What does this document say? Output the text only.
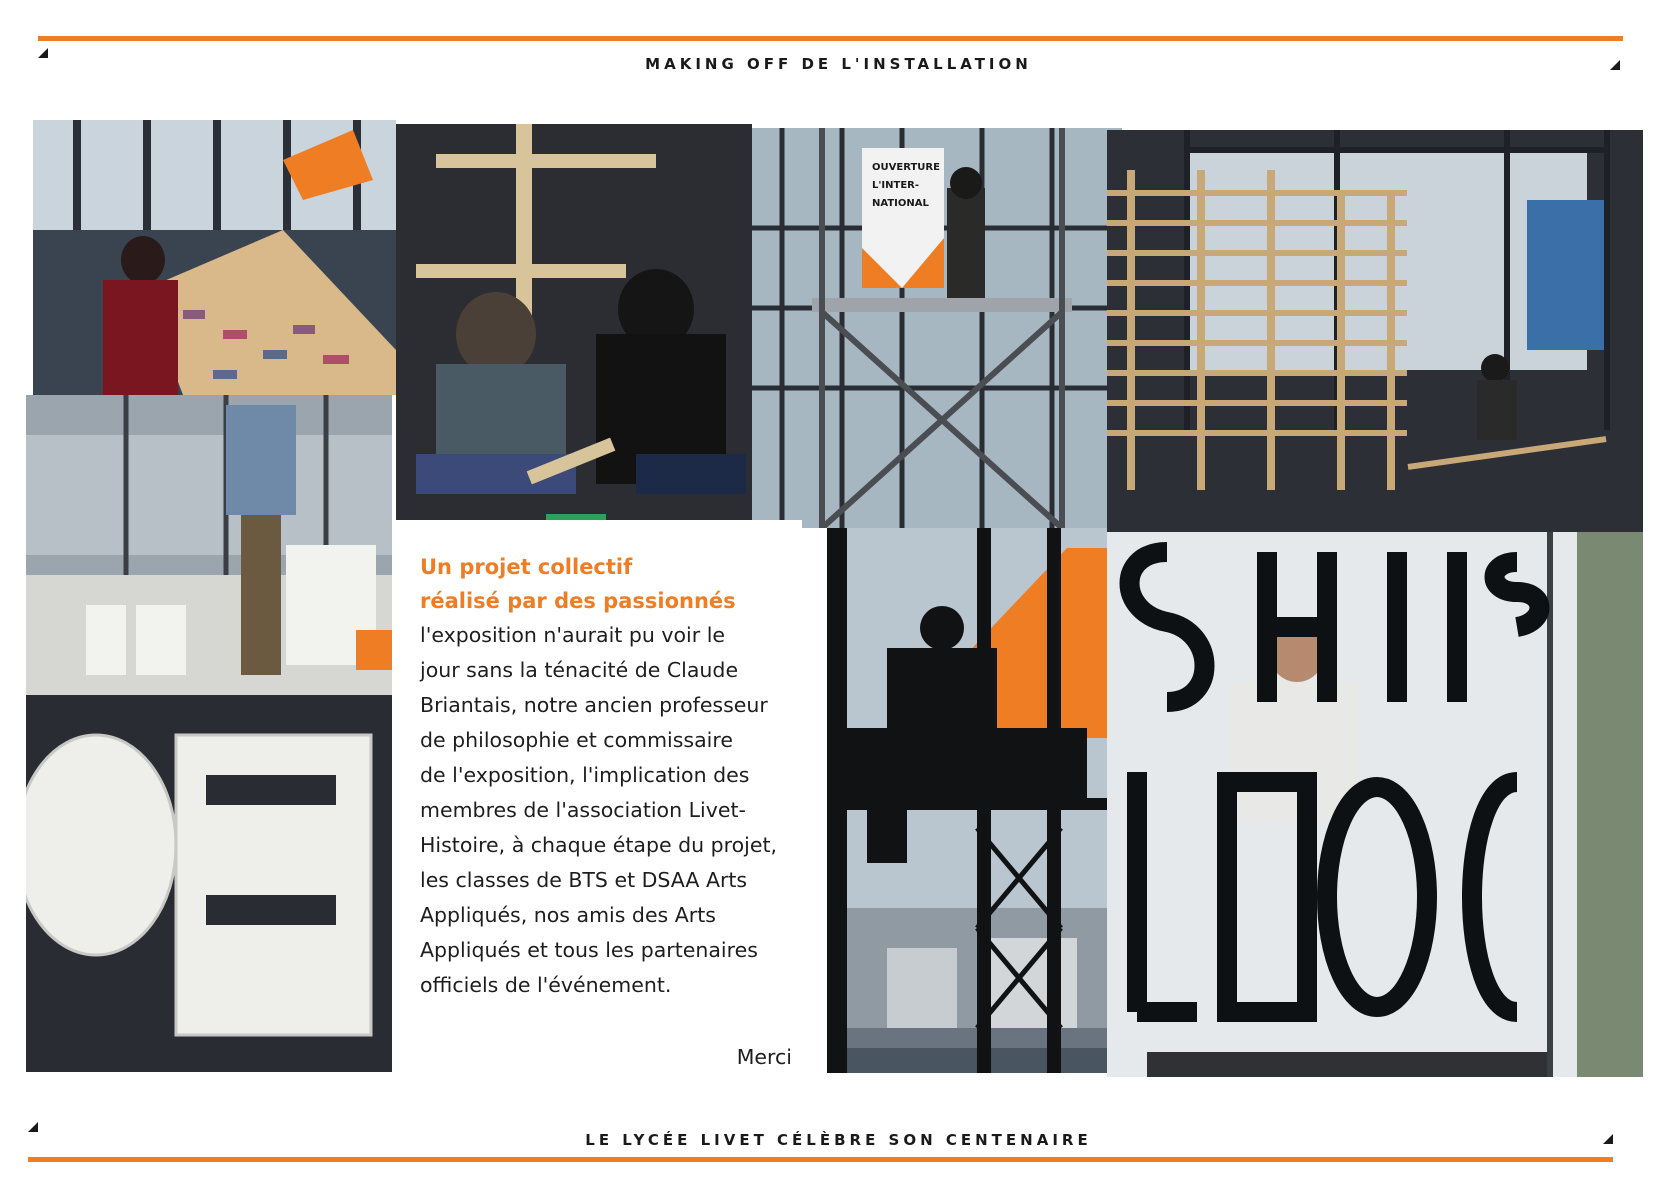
MAKING OFF DE L'INSTALLATION
OUVERTURE
L'INTER-
NATIONAL
Un projet collectif
réalisé par des passionnés
l'exposition n'aurait pu voir le
jour sans la ténacité de Claude
Briantais, notre ancien professeur
de philosophie et commissaire
de l'exposition, l'implication des
membres de l'association Livet-
Histoire, à chaque étape du projet,
les classes de BTS et DSAA Arts
Appliqués, nos amis des Arts
Appliqués et tous les partenaires
officiels de l'événement.
Merci
LE LYCÉE LIVET CÉLÈBRE SON CENTENAIRE
